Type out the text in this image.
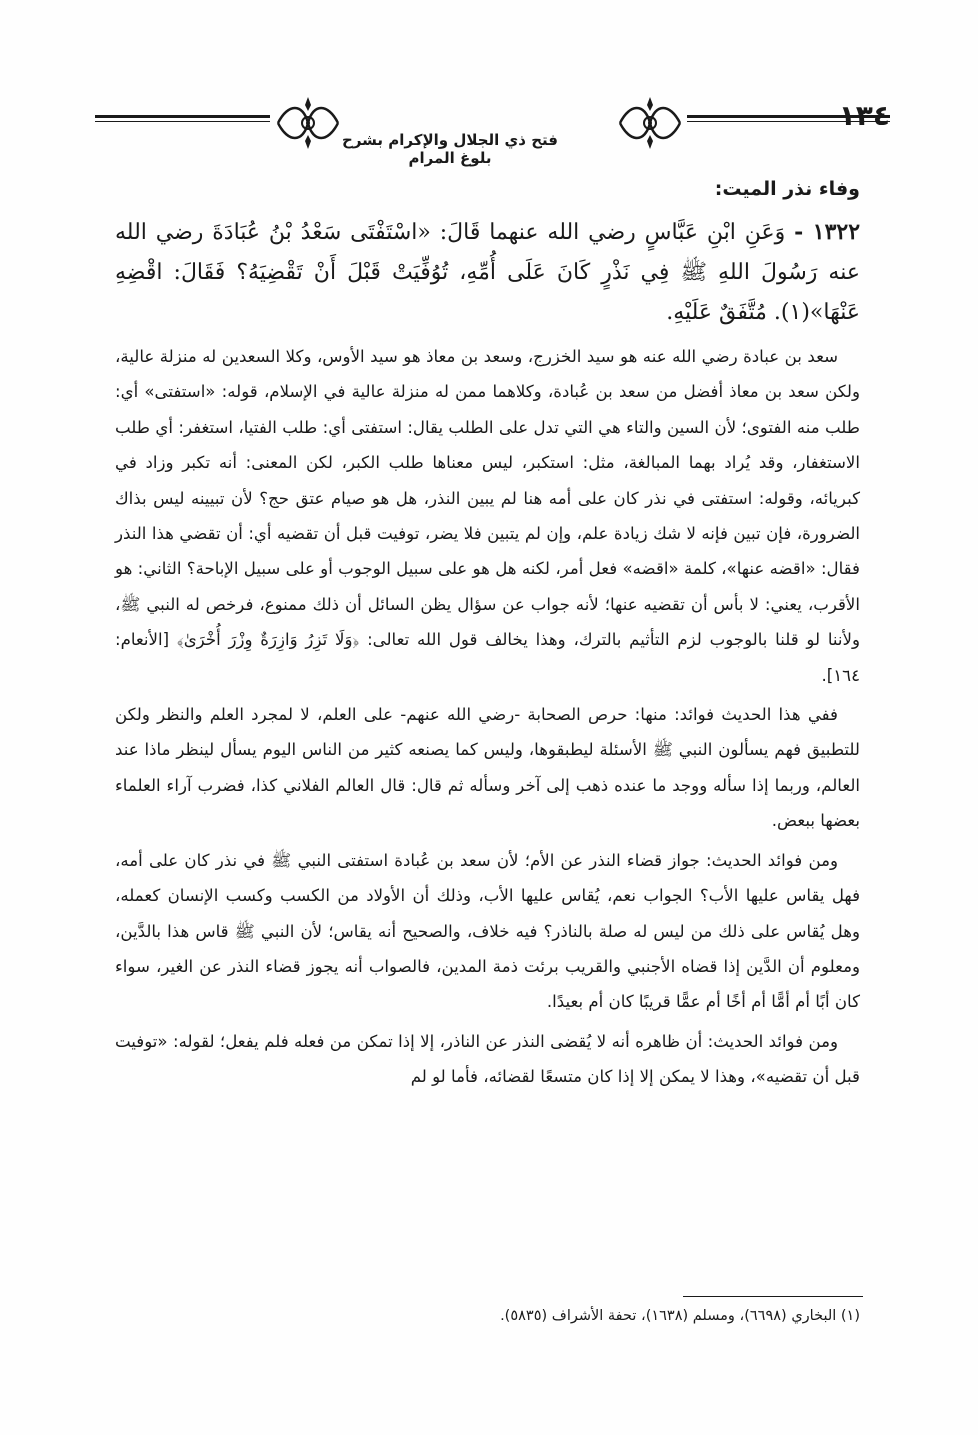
فتح ذي الجلال والإكرام بشرح بلوغ المرام
١٣٤
وفاء نذر الميت:
١٣٢٢ - وَعَنِ ابْنِ عَبَّاسٍ رضي الله عنهما قَالَ: «اسْتَفْتَى سَعْدُ بْنُ عُبَادَةَ رضي الله عنه رَسُولَ اللهِ ﷺ فِي نَذْرٍ كَانَ عَلَى أُمِّهِ، تُوُفِّيَتْ قَبْلَ أَنْ تَقْضِيَهُ؟ فَقَالَ: اقْضِهِ عَنْهَا»(١). مُتَّفَقٌ عَلَيْهِ.

سعد بن عبادة رضي الله عنه هو سيد الخزرج، وسعد بن معاذ هو سيد الأوس، وكلا السعدين له منزلة عالية، ولكن سعد بن معاذ أفضل من سعد بن عُبادة، وكلاهما ممن له منزلة عالية في الإسلام، قوله: «استفتى» أي: طلب منه الفتوى؛ لأن السين والتاء هي التي تدل على الطلب يقال: استفتى أي: طلب الفتيا، استغفر: أي طلب الاستغفار، وقد يُراد بهما المبالغة، مثل: استكبر، ليس معناها طلب الكبر، لكن المعنى: أنه تكبر وزاد في كبريائه، وقوله: استفتى في نذر كان على أمه هنا لم يبين النذر، هل هو صيام عتق حج؟ لأن تبيينه ليس بذاك الضرورة، فإن تبين فإنه لا شك زيادة علم، وإن لم يتبين فلا يضر، توفيت قبل أن تقضيه أي: أن تقضي هذا النذر فقال: «اقضه عنها»، كلمة «اقضه» فعل أمر، لكنه هل هو على سبيل الوجوب أو على سبيل الإباحة؟ الثاني: هو الأقرب، يعني: لا بأس أن تقضيه عنها؛ لأنه جواب عن سؤال يظن السائل أن ذلك ممنوع، فرخص له النبي ﷺ، ولأننا لو قلنا بالوجوب لزم التأثيم بالترك، وهذا يخالف قول الله تعالى: ﴿وَلَا تَزِرُ وَازِرَةٌ وِزْرَ أُخْرَىٰ﴾ [الأنعام: ١٦٤].

ففي هذا الحديث فوائد: منها: حرص الصحابة -رضي الله عنهم- على العلم، لا لمجرد العلم والنظر ولكن للتطبيق فهم يسألون النبي ﷺ الأسئلة ليطبقوها، وليس كما يصنعه كثير من الناس اليوم يسأل لينظر ماذا عند العالم، وربما إذا سأله ووجد ما عنده ذهب إلى آخر وسأله ثم قال: قال العالم الفلاني كذا، فضرب آراء العلماء بعضها ببعض.

ومن فوائد الحديث: جواز قضاء النذر عن الأم؛ لأن سعد بن عُبادة استفتى النبي ﷺ في نذر كان على أمه، فهل يقاس عليها الأب؟ الجواب نعم، يُقاس عليها الأب، وذلك أن الأولاد من الكسب وكسب الإنسان كعمله، وهل يُقاس على ذلك من ليس له صلة بالناذر؟ فيه خلاف، والصحيح أنه يقاس؛ لأن النبي ﷺ قاس هذا بالدَّين، ومعلوم أن الدَّين إذا قضاه الأجنبي والقريب برئت ذمة المدين، فالصواب أنه يجوز قضاء النذر عن الغير، سواء كان أبًا أم أمًّا أم أخًا أم عمًّا قريبًا كان أم بعيدًا.

ومن فوائد الحديث: أن ظاهره أنه لا يُقضى النذر عن الناذر، إلا إذا تمكن من فعله فلم يفعل؛ لقوله: «توفيت قبل أن تقضيه»، وهذا لا يمكن إلا إذا كان متسعًا لقضائه، فأما لو لم

(١) البخاري (٦٦٩٨)، ومسلم (١٦٣٨)، تحفة الأشراف (٥٨٣٥).
